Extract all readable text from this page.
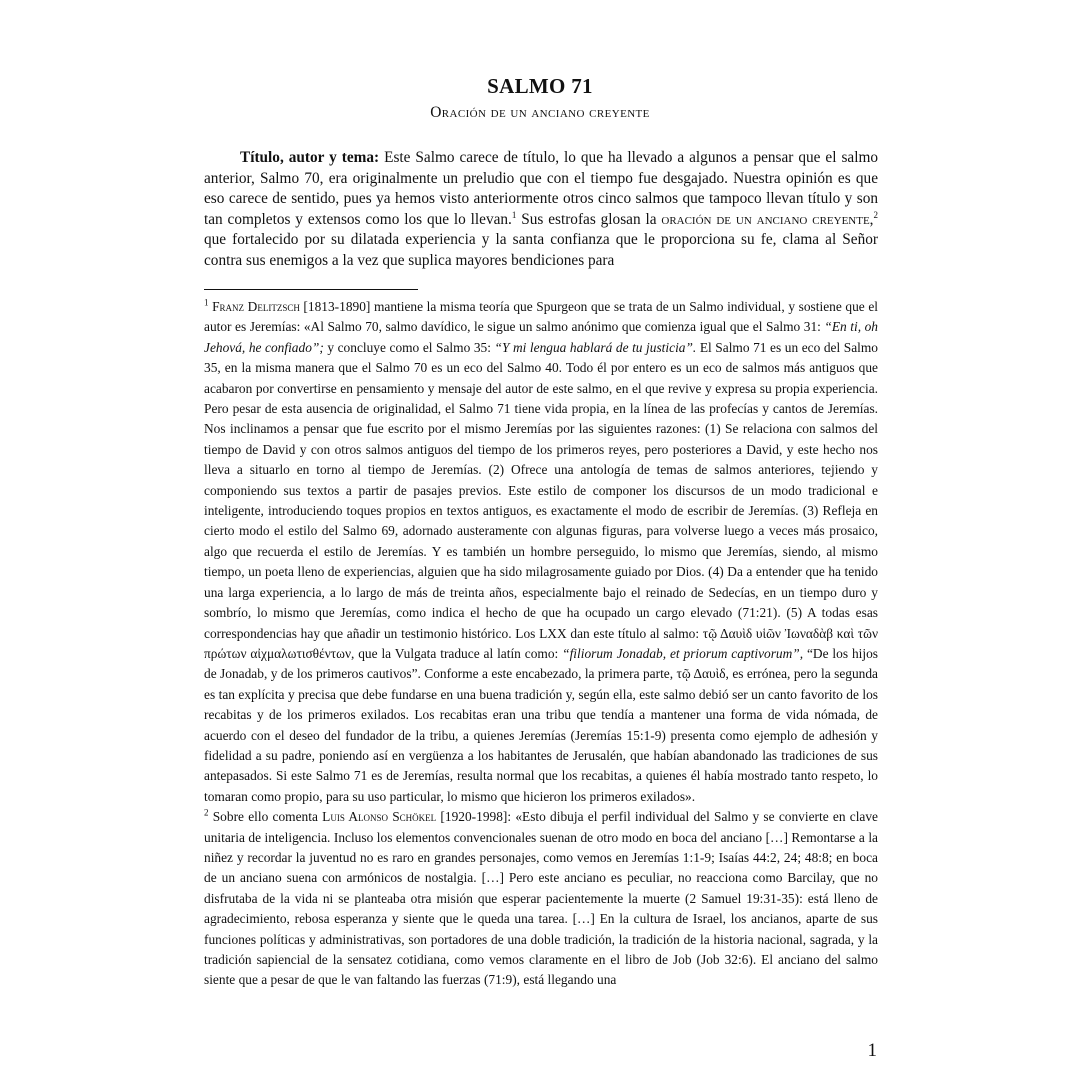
SALMO 71
Oración de un anciano creyente

Título, autor y tema: Este Salmo carece de título, lo que ha llevado a algunos a pensar que el salmo anterior, Salmo 70, era originalmente un preludio que con el tiempo fue desgajado. Nuestra opinión es que eso carece de sentido, pues ya hemos visto anteriormente otros cinco salmos que tampoco llevan título y son tan completos y extensos como los que lo llevan.$^1$ Sus estrofas glosan la oración de un anciano creyente,$^2$ que fortalecido por su dilatada experiencia y la santa confianza que le proporciona su fe, clama al Señor contra sus enemigos a la vez que suplica mayores bendiciones para

$^1$ Franz Delitzsch [1813-1890] mantiene la misma teoría que Spurgeon que se trata de un Salmo individual, y sostiene que el autor es Jeremías: «Al Salmo 70, salmo davídico, le sigue un salmo anónimo que comienza igual que el Salmo 31: “En ti, oh Jehová, he confiado”; y concluye como el Salmo 35: “Y mi lengua hablará de tu justicia”. El Salmo 71 es un eco del Salmo 35, en la misma manera que el Salmo 70 es un eco del Salmo 40. Todo él por entero es un eco de salmos más antiguos que acabaron por convertirse en pensamiento y mensaje del autor de este salmo, en el que revive y expresa su propia experiencia. Pero pesar de esta ausencia de originalidad, el Salmo 71 tiene vida propia, en la línea de las profecías y cantos de Jeremías. Nos inclinamos a pensar que fue escrito por el mismo Jeremías por las siguientes razones: (1) Se relaciona con salmos del tiempo de David y con otros salmos antiguos del tiempo de los primeros reyes, pero posteriores a David, y este hecho nos lleva a situarlo en torno al tiempo de Jeremías. (2) Ofrece una antología de temas de salmos anteriores, tejiendo y componiendo sus textos a partir de pasajes previos. Este estilo de componer los discursos de un modo tradicional e inteligente, introduciendo toques propios en textos antiguos, es exactamente el modo de escribir de Jeremías. (3) Refleja en cierto modo el estilo del Salmo 69, adornado austeramente con algunas figuras, para volverse luego a veces más prosaico, algo que recuerda el estilo de Jeremías. Y es también un hombre perseguido, lo mismo que Jeremías, siendo, al mismo tiempo, un poeta lleno de experiencias, alguien que ha sido milagrosamente guiado por Dios. (4) Da a entender que ha tenido una larga experiencia, a lo largo de más de treinta años, especialmente bajo el reinado de Sedecías, en un tiempo duro y sombrío, lo mismo que Jeremías, como indica el hecho de que ha ocupado un cargo elevado (71:21). (5) A todas esas correspondencias hay que añadir un testimonio histórico. Los LXX dan este título al salmo: τῷ Δαυὶδ υἱῶν Ἰωναδὰβ καὶ τῶν πρώτων αἰχμαλωτισθέντων, que la Vulgata traduce al latín como: “filiorum Jonadab, et priorum captivorum”, “De los hijos de Jonadab, y de los primeros cautivos”. Conforme a este encabezado, la primera parte, τῷ Δαυὶδ, es errónea, pero la segunda es tan explícita y precisa que debe fundarse en una buena tradición y, según ella, este salmo debió ser un canto favorito de los recabitas y de los primeros exilados. Los recabitas eran una tribu que tendía a mantener una forma de vida nómada, de acuerdo con el deseo del fundador de la tribu, a quienes Jeremías (Jeremías 15:1-9) presenta como ejemplo de adhesión y fidelidad a su padre, poniendo así en vergüenza a los habitantes de Jerusalén, que habían abandonado las tradiciones de sus antepasados. Si este Salmo 71 es de Jeremías, resulta normal que los recabitas, a quienes él había mostrado tanto respeto, lo tomaran como propio, para su uso particular, lo mismo que hicieron los primeros exilados».

$^2$ Sobre ello comenta Luis Alonso Schökel [1920-1998]: «Esto dibuja el perfil individual del Salmo y se convierte en clave unitaria de inteligencia. Incluso los elementos convencionales suenan de otro modo en boca del anciano […] Remontarse a la niñez y recordar la juventud no es raro en grandes personajes, como vemos en Jeremías 1:1-9; Isaías 44:2, 24; 48:8; en boca de un anciano suena con armónicos de nostalgia. […] Pero este anciano es peculiar, no reacciona como Barcilay, que no disfrutaba de la vida ni se planteaba otra misión que esperar pacientemente la muerte (2 Samuel 19:31-35): está lleno de agradecimiento, rebosa esperanza y siente que le queda una tarea. […] En la cultura de Israel, los ancianos, aparte de sus funciones políticas y administrativas, son portadores de una doble tradición, la tradición de la historia nacional, sagrada, y la tradición sapiencial de la sensatez cotidiana, como vemos claramente en el libro de Job (Job 32:6). El anciano del salmo siente que a pesar de que le van faltando las fuerzas (71:9), está llegando una

1
